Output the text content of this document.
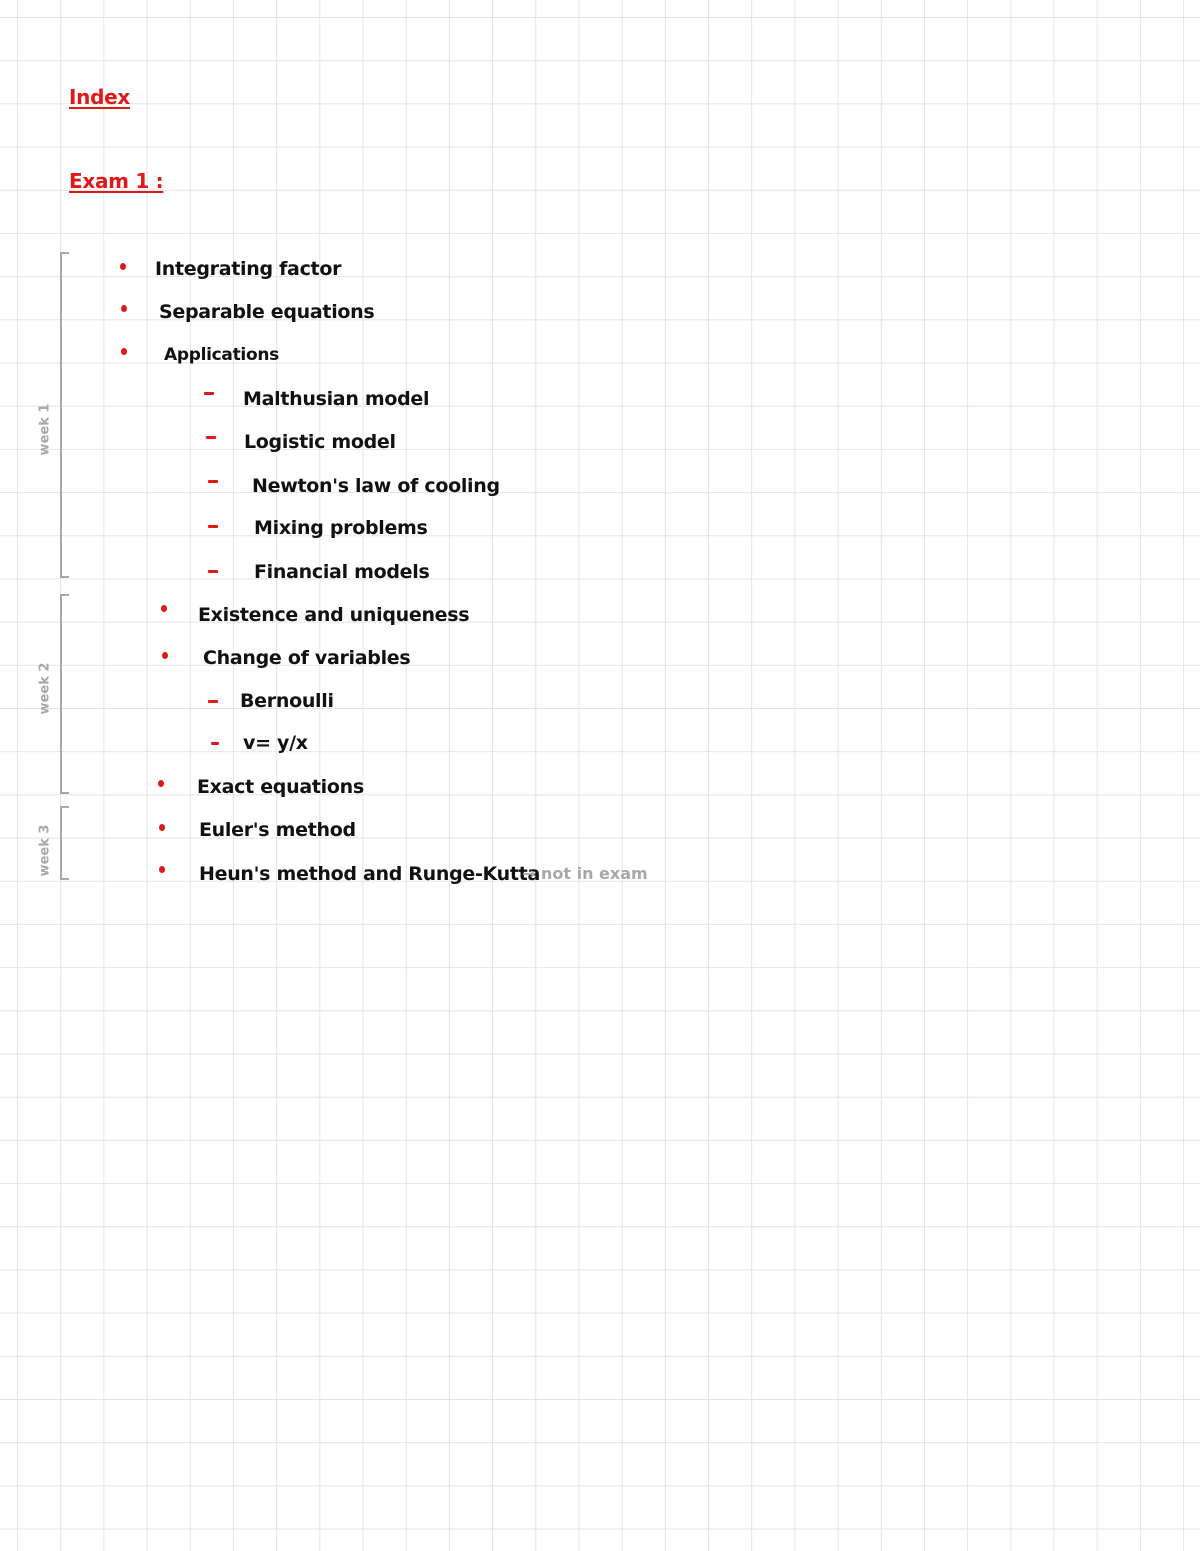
Index
Exam 1 :
week 1
week 2
week 3
Integrating factor
Separable equations
Applications
Malthusian model
Logistic model
Newton's law of cooling
Mixing problems
Financial models
Existence and uniqueness
Change of variables
Bernoulli
v= y/x
Exact equations
Euler's method
Heun's method and Runge-Kutta
→ not in exam
